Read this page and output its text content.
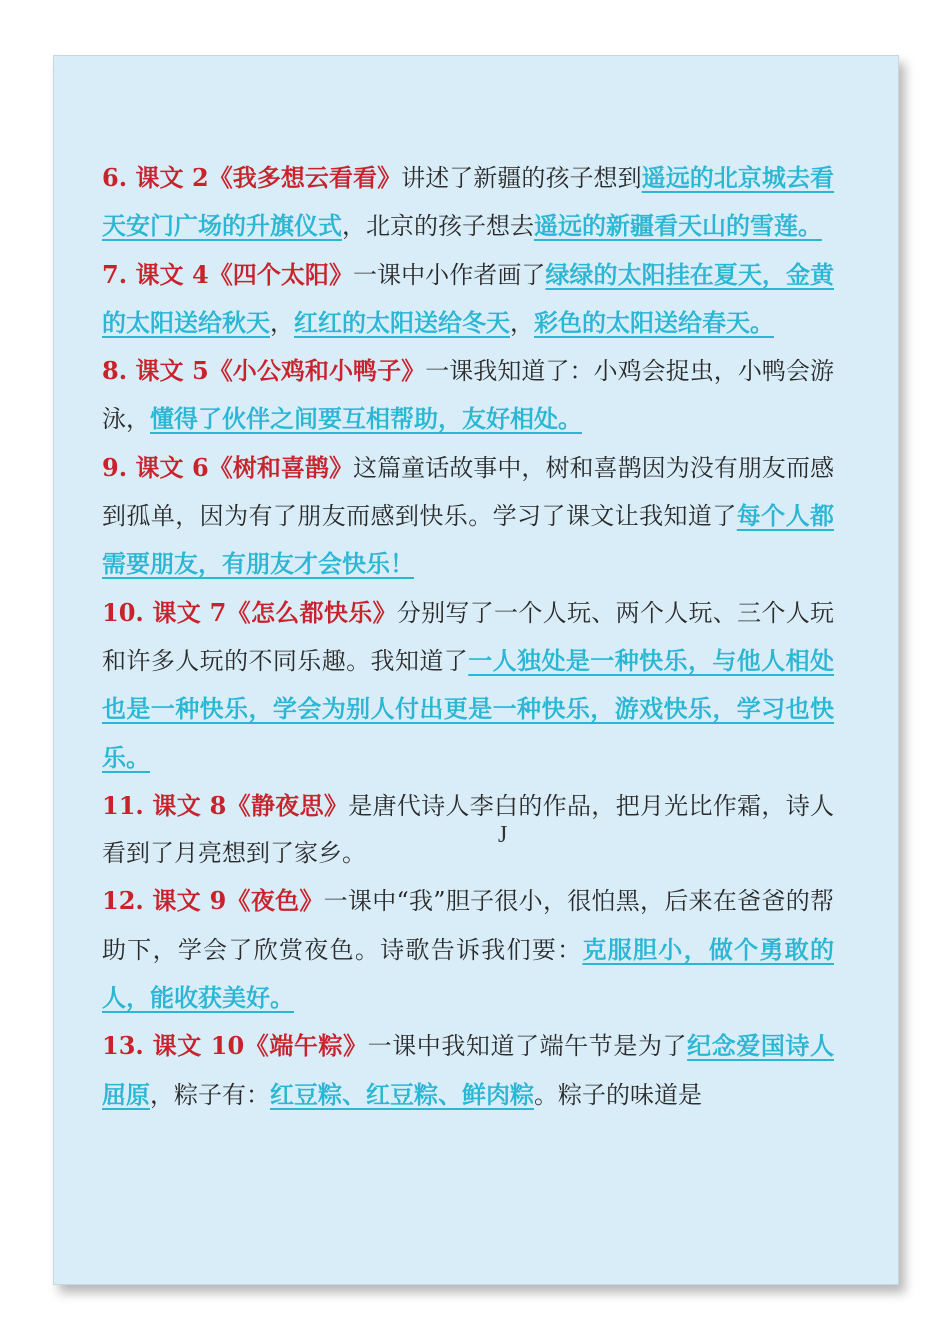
6. 课文 2《我多想云看看》讲述了新疆的孩子想到遥远的北京城去看天安门广场的升旗仪式，北京的孩子想去遥远的新疆看天山的雪莲。

7. 课文 4《四个太阳》一课中小作者画了绿绿的太阳挂在夏天，金黄的太阳送给秋天，红红的太阳送给冬天，彩色的太阳送给春天。

8. 课文 5《小公鸡和小鸭子》一课我知道了：小鸡会捉虫，小鸭会游泳，懂得了伙伴之间要互相帮助，友好相处。

9. 课文 6《树和喜鹊》这篇童话故事中，树和喜鹊因为没有朋友而感到孤单，因为有了朋友而感到快乐。学习了课文让我知道了每个人都需要朋友，有朋友才会快乐！

10. 课文 7《怎么都快乐》分别写了一个人玩、两个人玩、三个人玩和许多人玩的不同乐趣。我知道了一人独处是一种快乐，与他人相处也是一种快乐，学会为别人付出更是一种快乐，游戏快乐，学习也快乐。

11. 课文 8《静夜思》是唐代诗人李白的作品，把月光比作霜，诗人看到了月亮想到了家乡。

12. 课文 9《夜色》一课中“我”胆子很小，很怕黑，后来在爸爸的帮助下，学会了欣赏夜色。诗歌告诉我们要：克服胆小，做个勇敢的人，能收获美好。

13. 课文 10《端午粽》一课中我知道了端午节是为了纪念爱国诗人屈原，粽子有：红豆粽、红豆粽、鲜肉粽。粽子的味道是

J
